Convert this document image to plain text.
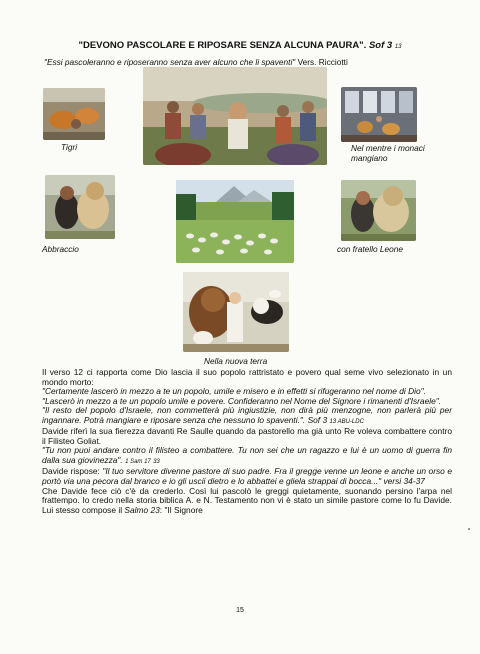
"DEVONO PASCOLARE E RIPOSARE SENZA ALCUNA PAURA". Sof 3 13
"Essi pascoleranno e riposeranno senza aver alcuno che li spaventi" Vers. Ricciotti
Tigri	Nel mentre i monaci mangiano
Abbraccio	con fratello Leone
Nella nuova terra

Il verso 12 ci rapporta come Dio lascia il suo popolo rattristato e povero qual seme vivo selezionato in un mondo morto:

"Certamente lascerò in mezzo a te un popolo, umile e misero e in effetti si rifugeranno nel nome di Dio".

"Lascerò in mezzo a te un popolo umile e povere. Confideranno nel Nome del Signore i rimanenti d'Israele".

"Il resto del popolo d'Israele, non commetterà più ingiustizie, non dirà più menzogne, non parlerà più per ingannare. Potrà mangiare e riposare senza che nessuno lo spaventi.". Sof 3 13 ABU-LDC

Davide riferì la sua fierezza davanti Re Saulle quando da pastorello ma già unto Re voleva combattere contro il Filisteo Goliat.

"Tu non puoi andare contro il filisteo a combattere. Tu non sei che un ragazzo e lui è un uomo di guerra fin dalla sua giovinezza". 1 Sam 17 33

Davide rispose: "Il tuo servitore divenne pastore di suo padre. Fra il gregge venne un leone e anche un orso e portò via una pecora dal branco e io gli uscii dietro e lo abbattei e gliela strappai di bocca..." versi 34-37

Che Davide fece ciò c'è da crederlo. Così lui pascolò le greggi quietamente, suonando persino l'arpa nel frattempo. Io credo nella storia biblica A. e N. Testamento non vi è stato un simile pastore come lo fu Davide. Lui stesso compose il Salmo 23: "Il Signore

15
